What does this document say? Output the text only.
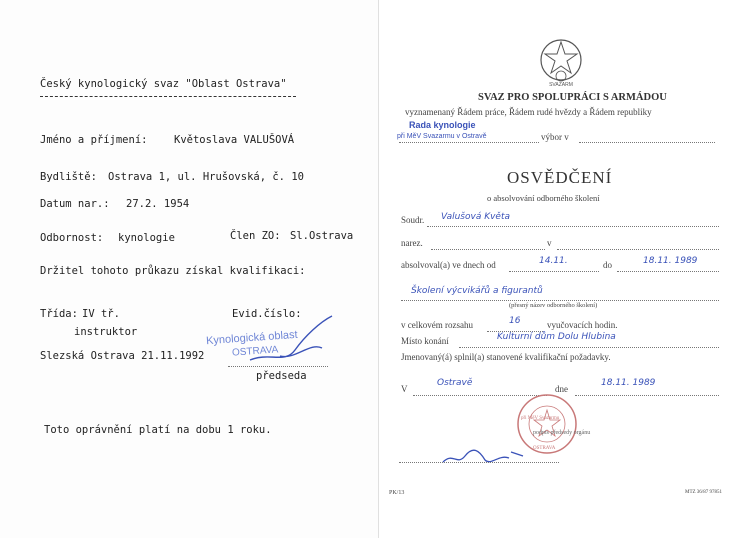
Český kynologický svaz "Oblast Ostrava"
Jméno a příjmení:	Květoslava VALUŠOVÁ
Bydliště: Ostrava 1, ul. Hrušovská, č. 10
Datum nar.: 27.2. 1954
Odbornost: kynologie	Člen ZO: Sl.Ostrava
Držitel tohoto průkazu získal kvalifikaci:
Třída: IV tř.
instruktor
Evid.číslo:
Slezská Ostrava 21.11.1992
Kynologická oblast
OSTRAVA
předseda
Toto oprávnění platí na dobu 1 roku.
SVAZARM
SVAZ PRO SPOLUPRÁCI S ARMÁDOU
vyznamenaný Řádem práce, Řádem rudé hvězdy a Řádem republiky
Rada kynologie
při MěV Svazarmu v Ostravě	výbor v
OSVĚDČENÍ
o absolvování odborného školení
Soudr. Valušová Květa
narez.	v
absolvoval(a) ve dnech od	14.11.	do	18.11. 1989
Školení výcvikářů a figurantů
(přesný název odborného školení)
v celkovém rozsahu	16	vyučovacích hodin.
Místo konání	Kulturní dům Dolu Hlubina
Jmenovaný(á) splnil(a) stanovené kvalifikační požadavky.
V
Ostravě
dne
18.11. 1989
při MěV Svazarmu
OSTRAVA
podpis předsedy orgánu
PK/13	MTZ 36/87 97851
